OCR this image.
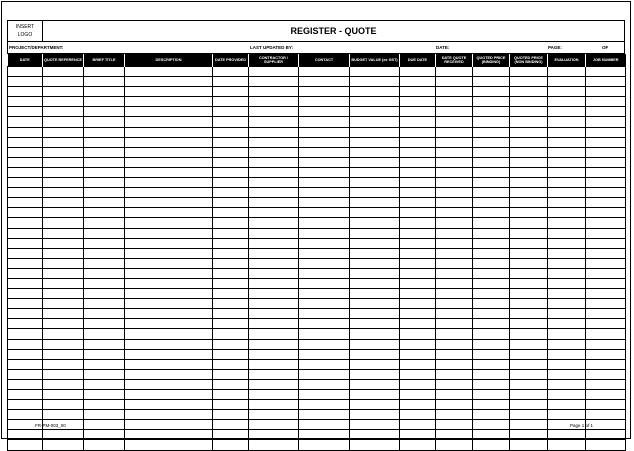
INSERT
LOGO	REGISTER - QUOTE
PROJECT/DEPARTMENT:	LAST UPDATED BY:	DATE:	PAGE:	OF
DATE	QUOTE REFERENCE	BRIEF TITLE	DESCRIPTION	DATE PROVIDED	CONTRACTOR / SUPPLIER	CONTACT	BUDGET VALUE (ex GST)	DUE DATE	DATE QUOTE RECEIVED	QUOTED PRICE (BINDING)	QUOTED PRICE (NON BINDING)	EVALUATION	JOB NUMBER

FR-PM-003_00	Page 1 of 1
